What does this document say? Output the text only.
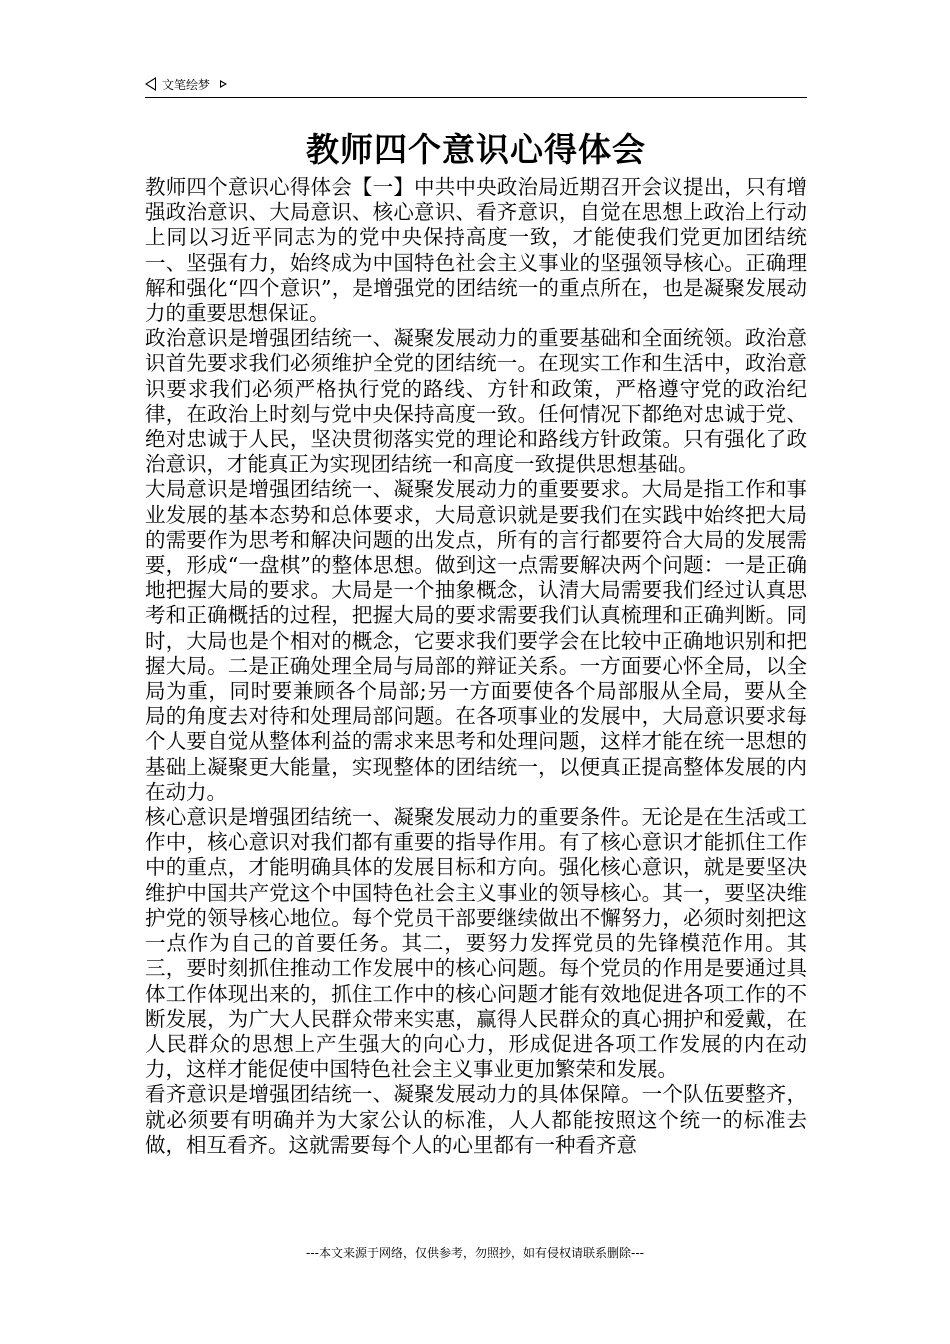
文笔绘梦
教师四个意识心得体会

教师四个意识心得体会【一】中共中央政治局近期召开会议提出，只有增强政治意识、大局意识、核心意识、看齐意识，自觉在思想上政治上行动上同以习近平同志为的党中央保持高度一致，才能使我们党更加团结统一、坚强有力，始终成为中国特色社会主义事业的坚强领导核心。正确理解和强化“四个意识”，是增强党的团结统一的重点所在，也是凝聚发展动力的重要思想保证。

政治意识是增强团结统一、凝聚发展动力的重要基础和全面统领。政治意识首先要求我们必须维护全党的团结统一。在现实工作和生活中，政治意识要求我们必须严格执行党的路线、方针和政策，严格遵守党的政治纪律，在政治上时刻与党中央保持高度一致。任何情况下都绝对忠诚于党、绝对忠诚于人民，坚决贯彻落实党的理论和路线方针政策。只有强化了政治意识，才能真正为实现团结统一和高度一致提供思想基础。

大局意识是增强团结统一、凝聚发展动力的重要要求。大局是指工作和事业发展的基本态势和总体要求，大局意识就是要我们在实践中始终把大局的需要作为思考和解决问题的出发点，所有的言行都要符合大局的发展需要，形成“一盘棋”的整体思想。做到这一点需要解决两个问题：一是正确地把握大局的要求。大局是一个抽象概念，认清大局需要我们经过认真思考和正确概括的过程，把握大局的要求需要我们认真梳理和正确判断。同时，大局也是个相对的概念，它要求我们要学会在比较中正确地识别和把握大局。二是正确处理全局与局部的辩证关系。一方面要心怀全局，以全局为重，同时要兼顾各个局部;另一方面要使各个局部服从全局，要从全局的角度去对待和处理局部问题。在各项事业的发展中，大局意识要求每个人要自觉从整体利益的需求来思考和处理问题，这样才能在统一思想的基础上凝聚更大能量，实现整体的团结统一，以便真正提高整体发展的内在动力。

核心意识是增强团结统一、凝聚发展动力的重要条件。无论是在生活或工作中，核心意识对我们都有重要的指导作用。有了核心意识才能抓住工作中的重点，才能明确具体的发展目标和方向。强化核心意识，就是要坚决维护中国共产党这个中国特色社会主义事业的领导核心。其一，要坚决维护党的领导核心地位。每个党员干部要继续做出不懈努力，必须时刻把这一点作为自己的首要任务。其二，要努力发挥党员的先锋模范作用。其三，要时刻抓住推动工作发展中的核心问题。每个党员的作用是要通过具体工作体现出来的，抓住工作中的核心问题才能有效地促进各项工作的不断发展，为广大人民群众带来实惠，赢得人民群众的真心拥护和爱戴，在人民群众的思想上产生强大的向心力，形成促进各项工作发展的内在动力，这样才能促使中国特色社会主义事业更加繁荣和发展。

看齐意识是增强团结统一、凝聚发展动力的具体保障。一个队伍要整齐，就必须要有明确并为大家公认的标准，人人都能按照这个统一的标准去做，相互看齐。这就需要每个人的心里都有一种看齐意

---本文来源于网络，仅供参考，勿照抄，如有侵权请联系删除---
